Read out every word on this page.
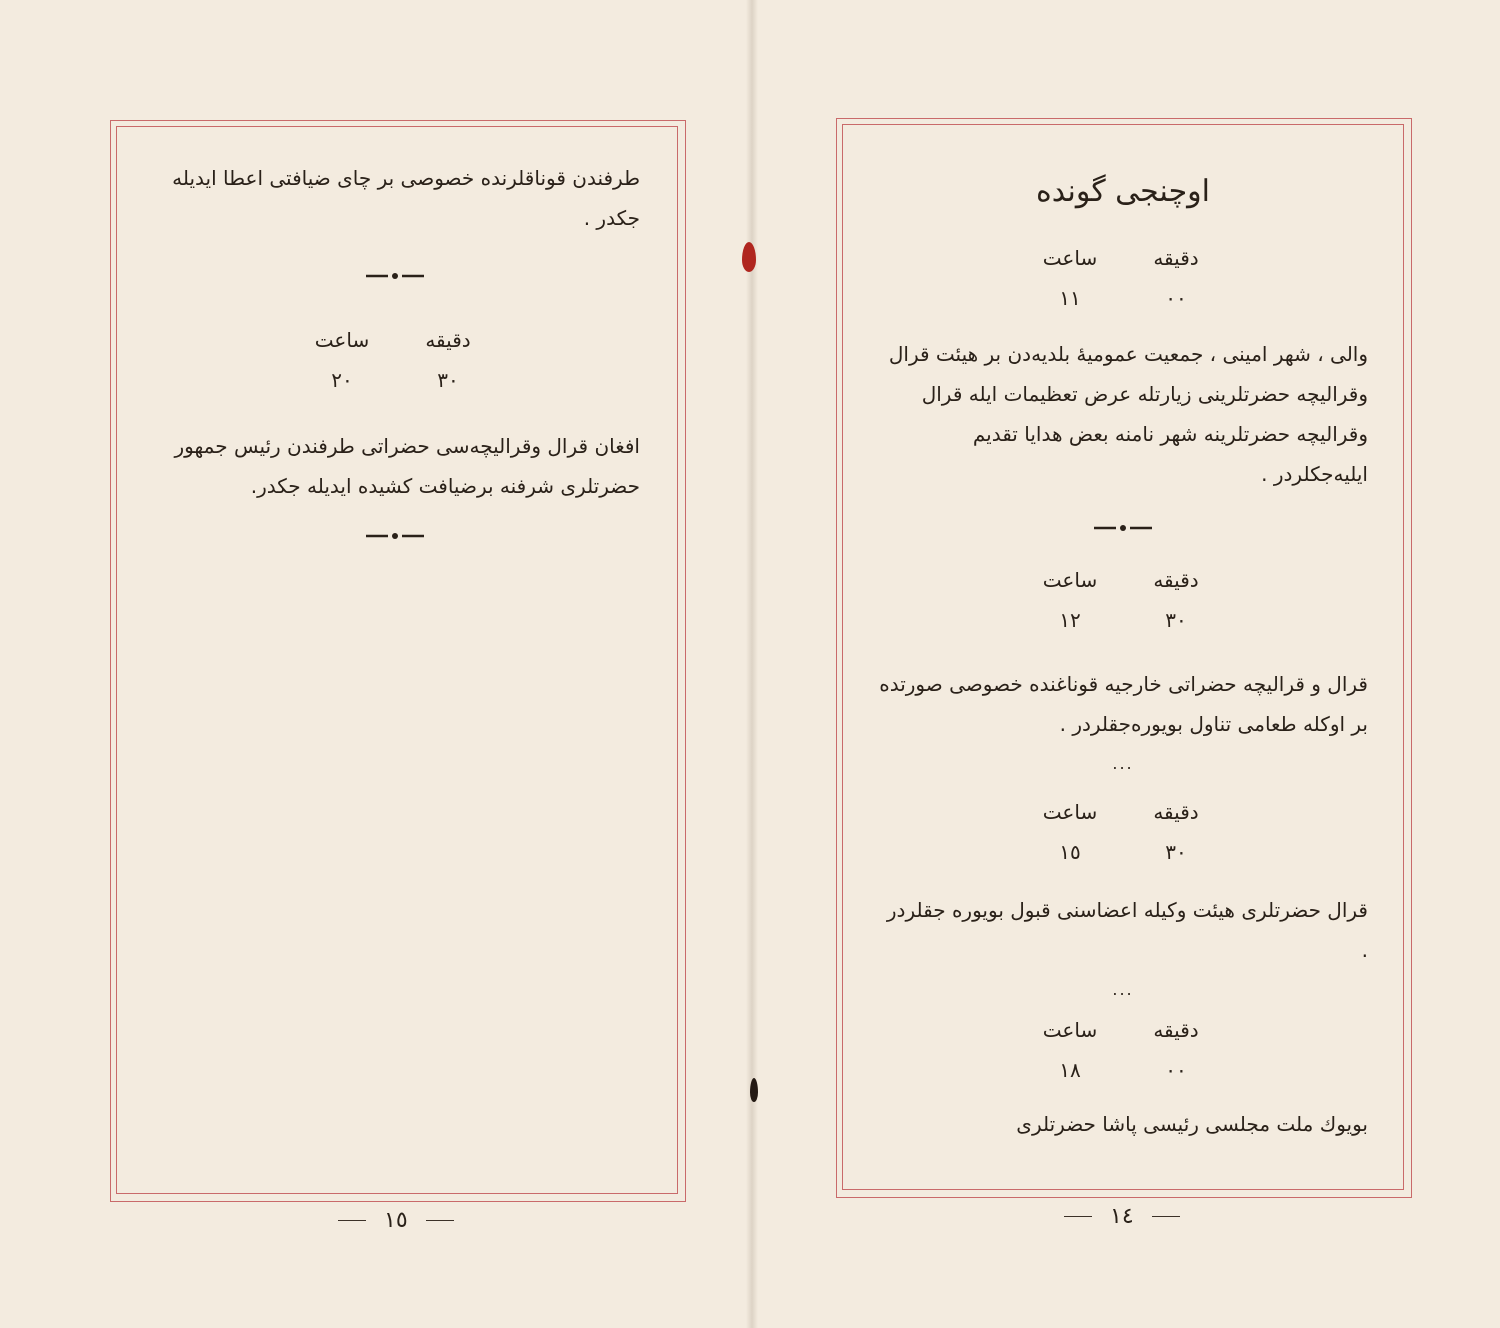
طرفندن قوناقلرنده خصوصی بر چای ضیافتی اعطا ایدیله جکدر .

دقیقه
ساعت
٣٠
٢٠

افغان قرال وقرالیچه‌سی حضراتی طرفندن رئیس جمهور حضرتلری شرفنه برضیافت کشیده ایدیله جکدر.

١٥
اوچنجی گونده
دقیقه
ساعت
٠٠
١١

والی ، شهر امینی ، جمعیت عمومیهٔ بلدیه‌دن بر هیئت قرال وقرالیچه حضرتلرینی زیارتله عرض تعظیمات ایله قرال وقرالیچه حضرتلرینه شهر نامنه بعض هدایا تقدیم ایلیه‌جکلردر .

دقیقه
ساعت
٣٠
١٢

قرال و قرالیچه حضراتی خارجیه قوناغنده خصوصی صورتده بر اوکله طعامی تناول بویوره‌جقلردر .

...
دقیقه
ساعت
٣٠
١٥

قرال حضرتلری هیئت وکیله اعضاسنی قبول بویوره جقلردر .

...
دقیقه
ساعت
٠٠
١٨

بویوك ملت مجلسی رئیسی پاشا حضرتلری

١٤
